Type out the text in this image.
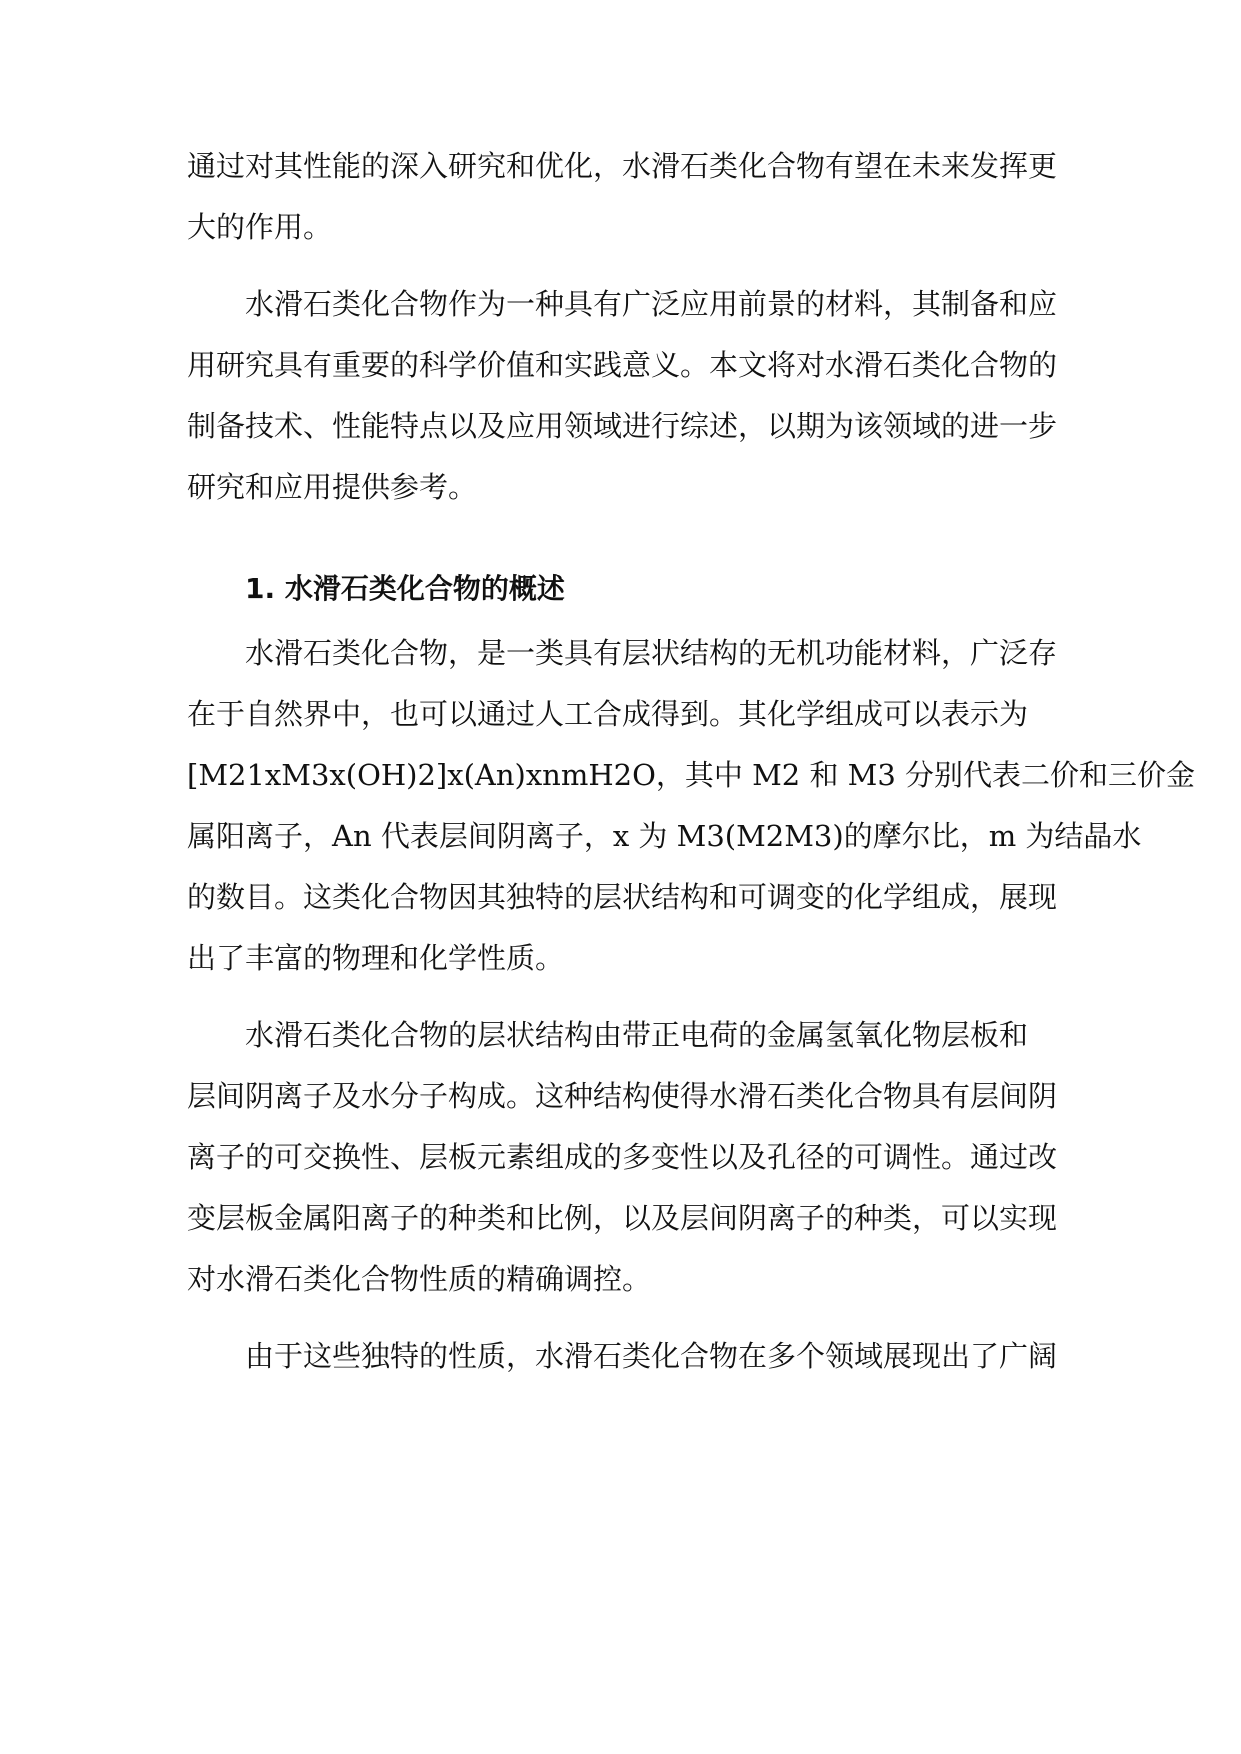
通过对其性能的深入研究和优化，水滑石类化合物有望在未来发挥更
大的作用。
水滑石类化合物作为一种具有广泛应用前景的材料，其制备和应
用研究具有重要的科学价值和实践意义。本文将对水滑石类化合物的
制备技术、性能特点以及应用领域进行综述，以期为该领域的进一步
研究和应用提供参考。
1. 水滑石类化合物的概述
水滑石类化合物，是一类具有层状结构的无机功能材料，广泛存
在于自然界中，也可以通过人工合成得到。其化学组成可以表示为
[M21xM3x(OH)2]x(An)xnmH2O，其中 M2 和 M3 分别代表二价和三价金
属阳离子，An 代表层间阴离子，x 为 M3(M2M3)的摩尔比，m 为结晶水
的数目。这类化合物因其独特的层状结构和可调变的化学组成，展现
出了丰富的物理和化学性质。
水滑石类化合物的层状结构由带正电荷的金属氢氧化物层板和
层间阴离子及水分子构成。这种结构使得水滑石类化合物具有层间阴
离子的可交换性、层板元素组成的多变性以及孔径的可调性。通过改
变层板金属阳离子的种类和比例，以及层间阴离子的种类，可以实现
对水滑石类化合物性质的精确调控。
由于这些独特的性质，水滑石类化合物在多个领域展现出了广阔
